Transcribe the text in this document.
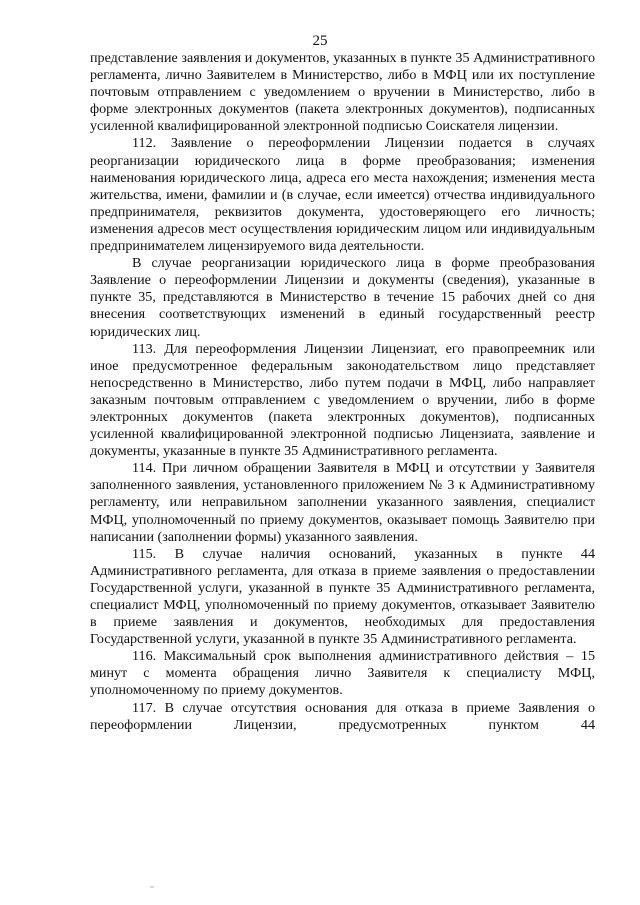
25

представление заявления и документов, указанных в пункте 35 Административного регламента, лично Заявителем в Министерство, либо в МФЦ или их поступление почтовым отправлением с уведомлением о вручении в Министерство, либо в форме электронных документов (пакета электронных документов), подписанных усиленной квалифицированной электронной подписью Соискателя лицензии.

112. Заявление о переоформлении Лицензии подается в случаях реорганизации юридического лица в форме преобразования; изменения наименования юридического лица, адреса его места нахождения; изменения места жительства, имени, фамилии и (в случае, если имеется) отчества индивидуального предпринимателя, реквизитов документа, удостоверяющего его личность; изменения адресов мест осуществления юридическим лицом или индивидуальным предпринимателем лицензируемого вида деятельности.

В случае реорганизации юридического лица в форме преобразования Заявление о переоформлении Лицензии и документы (сведения), указанные в пункте 35, представляются в Министерство в течение 15 рабочих дней со дня внесения соответствующих изменений в единый государственный реестр юридических лиц.

113. Для переоформления Лицензии Лицензиат, его правопреемник или иное предусмотренное федеральным законодательством лицо представляет непосредственно в Министерство, либо путем подачи в МФЦ, либо направляет заказным почтовым отправлением с уведомлением о вручении, либо в форме электронных документов (пакета электронных документов), подписанных усиленной квалифицированной электронной подписью Лицензиата, заявление и документы, указанные в пункте 35 Административного регламента.

114. При личном обращении Заявителя в МФЦ и отсутствии у Заявителя заполненного заявления, установленного приложением № 3 к Административному регламенту, или неправильном заполнении указанного заявления, специалист МФЦ, уполномоченный по приему документов, оказывает помощь Заявителю при написании (заполнении формы) указанного заявления.

115. В случае наличия оснований, указанных в пункте 44 Административного регламента, для отказа в приеме заявления о предоставлении Государственной услуги, указанной в пункте 35 Административного регламента, специалист МФЦ, уполномоченный по приему документов, отказывает Заявителю в приеме заявления и документов, необходимых для предоставления Государственной услуги, указанной в пункте 35 Административного регламента.

116. Максимальный срок выполнения административного действия – 15 минут с момента обращения лично Заявителя к специалисту МФЦ, уполномоченному по приему документов.

117. В случае отсутствия основания для отказа в приеме Заявления о переоформлении Лицензии, предусмотренных пунктом 44
